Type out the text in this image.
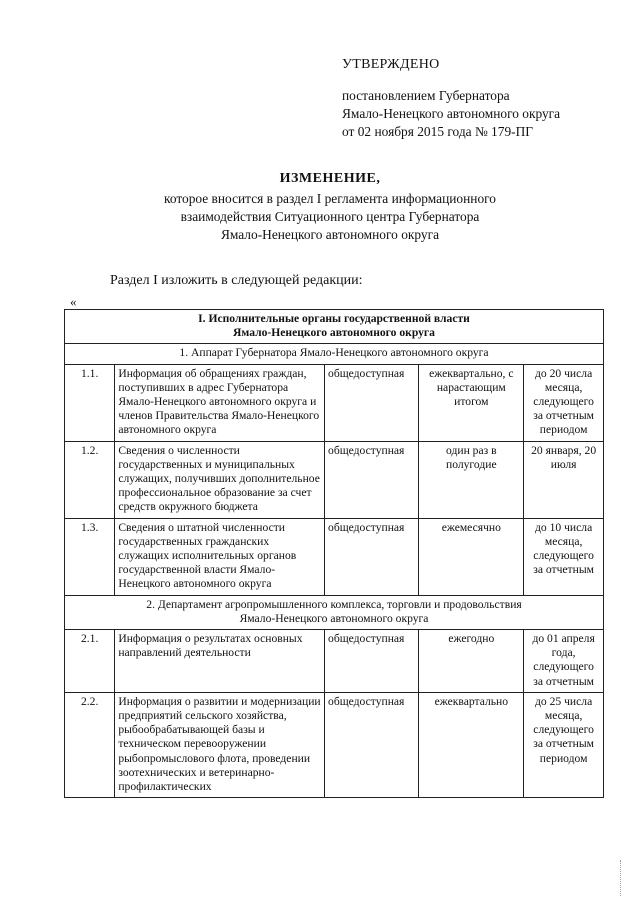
УТВЕРЖДЕНО
постановлением Губернатора
Ямало-Ненецкого автономного округа
от 02 ноября 2015 года № 179-ПГ
ИЗМЕНЕНИЕ,
которое вносится в раздел I регламента информационного
взаимодействия Ситуационного центра Губернатора
Ямало-Ненецкого автономного округа
Раздел I изложить в следующей редакции:
«
I. Исполнительные органы государственной власти
Ямало-Ненецкого автономного округа				

1. Аппарат Губернатора Ямало-Ненецкого автономного округа				
1.1.	Информация об обращениях граждан, поступивших в адрес Губернатора Ямало-Ненецкого автономного округа и членов Правительства Ямало-Ненецкого автономного округа	общедоступная	ежеквартально, с нарастающим итогом	до 20 числа месяца, следующего за отчетным периодом
1.2.	Сведения о численности государственных и муниципальных служащих, получивших дополнительное профессиональное образование за счет средств окружного бюджета	общедоступная	один раз в полугодие	20 января, 20 июля
1.3.	Сведения о штатной численности государственных гражданских служащих исполнительных органов государственной власти Ямало-Ненецкого автономного округа	общедоступная	ежемесячно	до 10 числа месяца, следующего за отчетным

2. Департамент агропромышленного комплекса, торговли и продовольствия
Ямало-Ненецкого автономного округа				

2.1.	Информация о результатах основных направлений деятельности	общедоступная	ежегодно	до 01 апреля года, следующего за отчетным
2.2.	Информация о развитии и модернизации предприятий сельского хозяйства, рыбообрабатывающей базы и техническом перевооружении рыбопромыслового флота, проведении зоотехнических и ветеринарно-профилактических	общедоступная	ежеквартально	до 25 числа месяца, следующего за отчетным периодом
